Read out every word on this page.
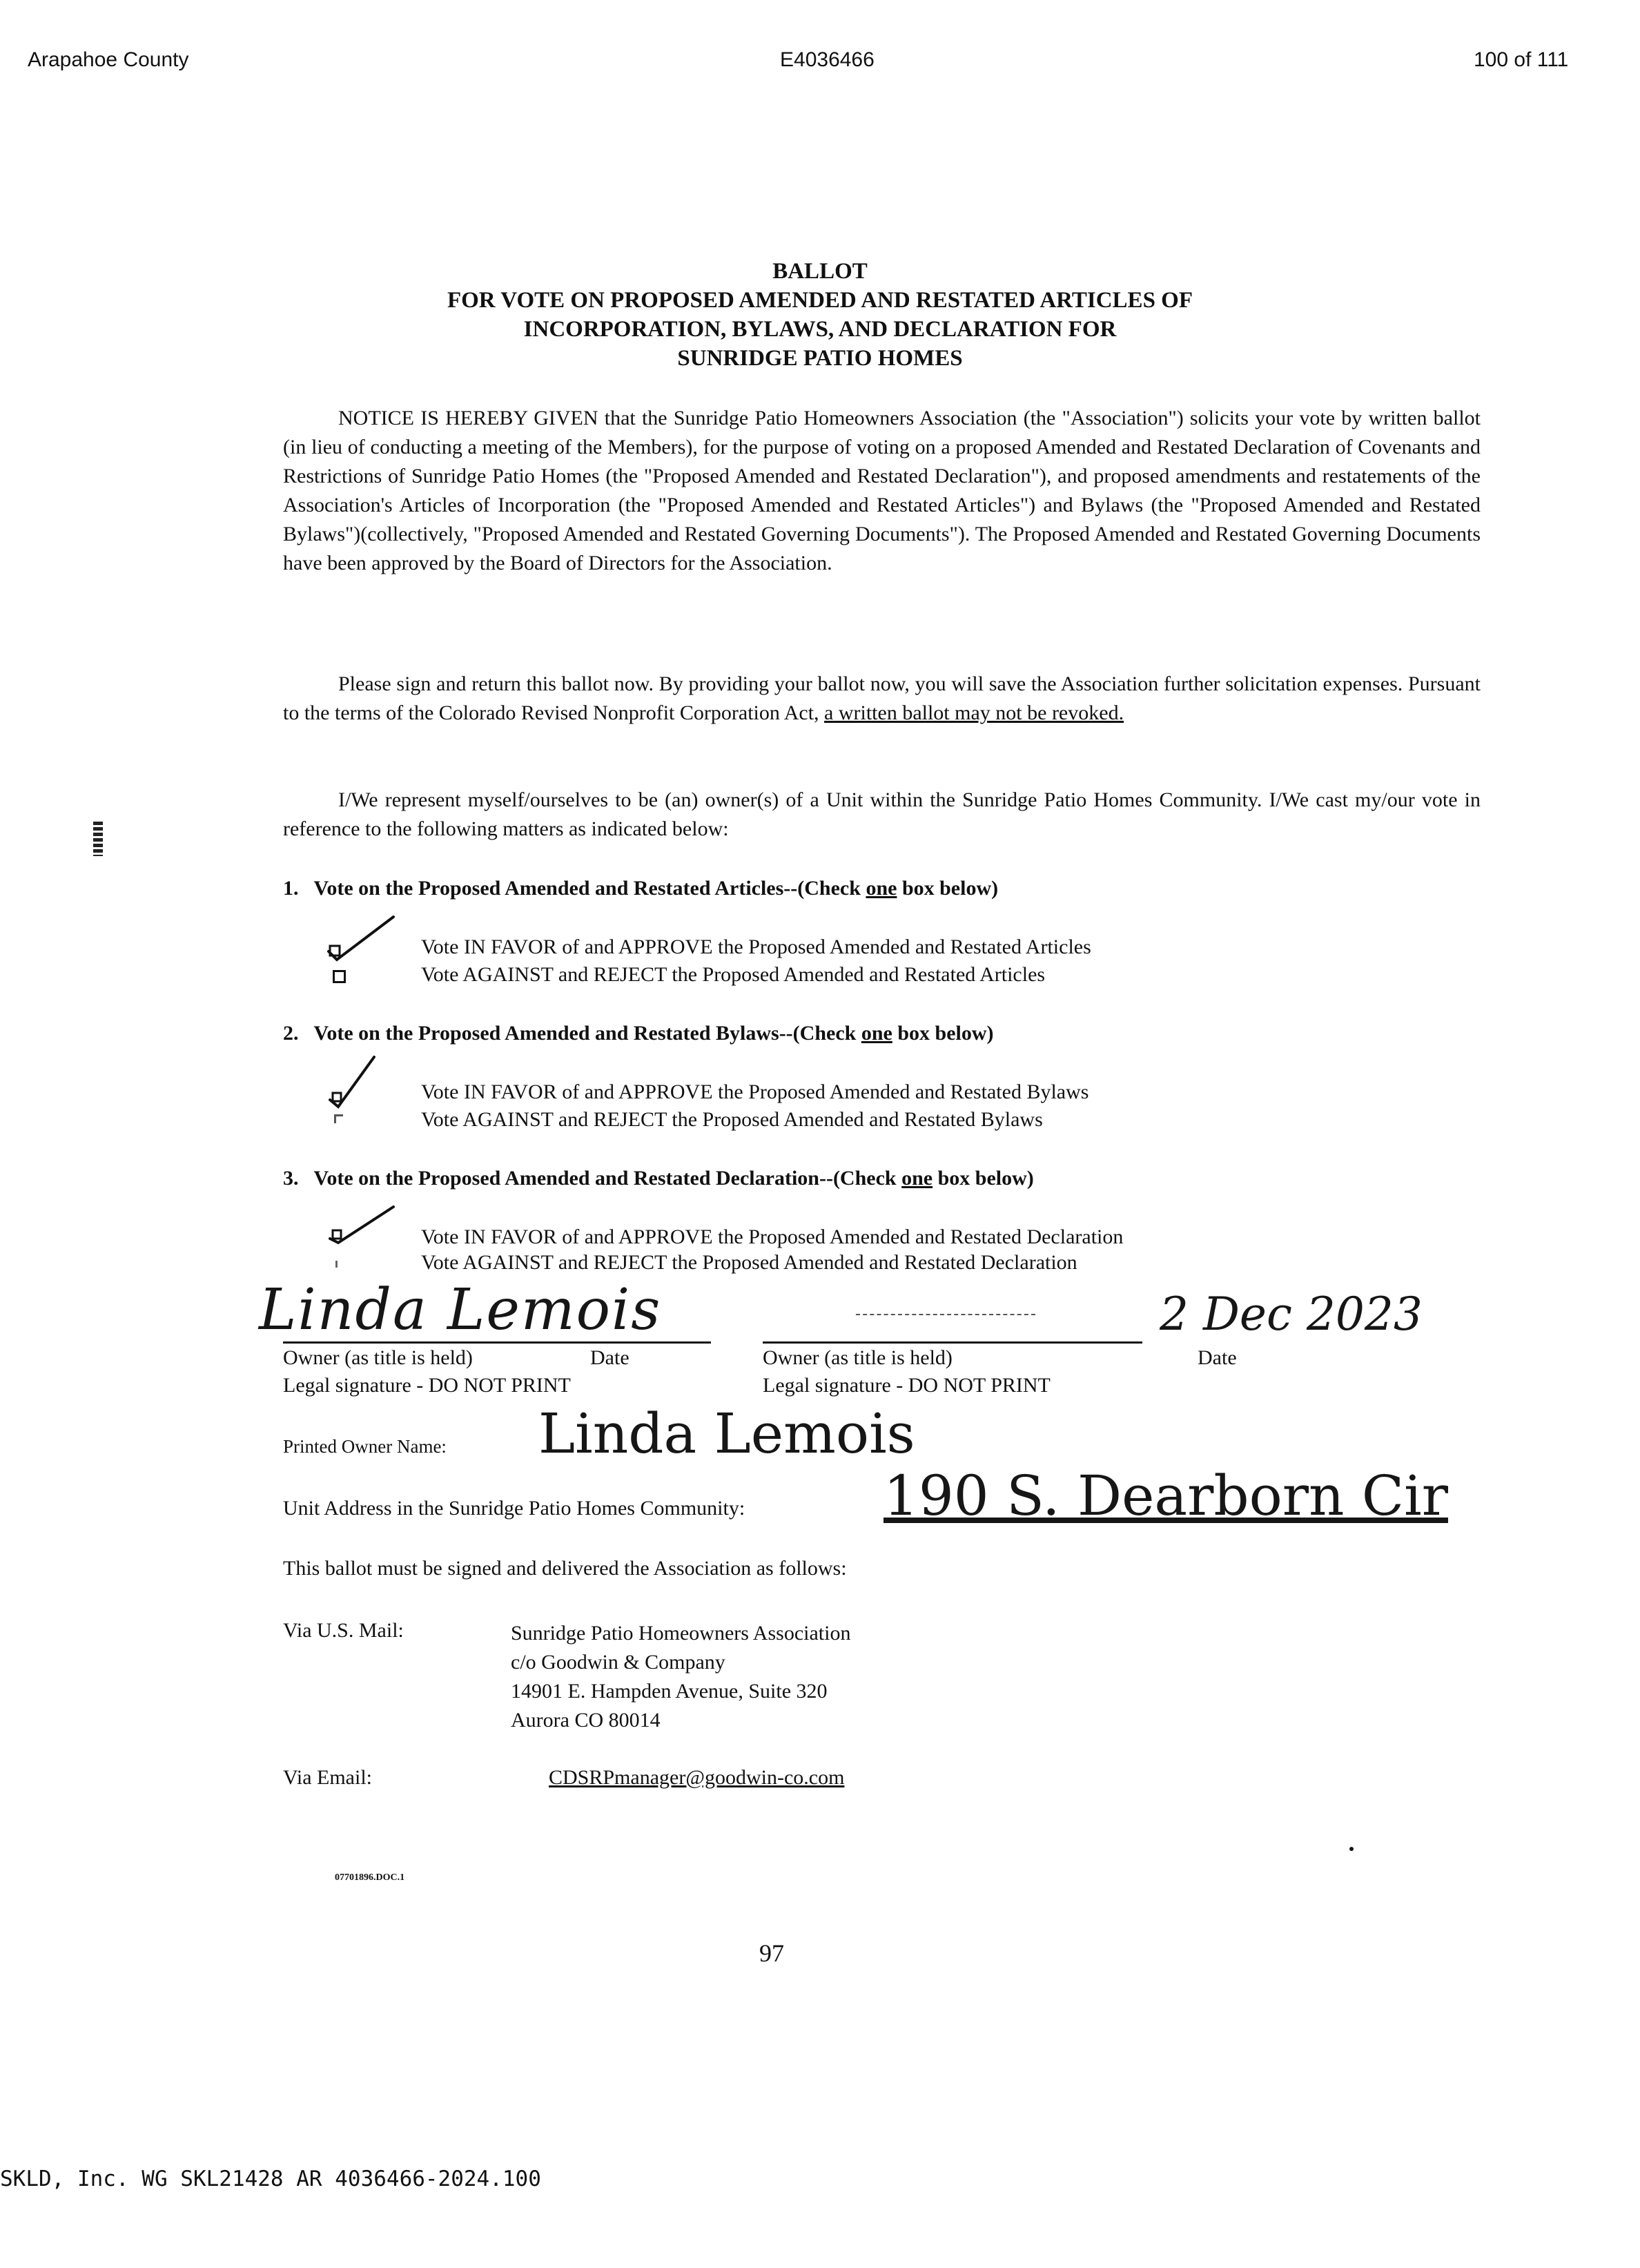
Arapahoe County	E4036466	100 of 111
BALLOT
FOR VOTE ON PROPOSED AMENDED AND RESTATED ARTICLES OF
INCORPORATION, BYLAWS, AND DECLARATION FOR
SUNRIDGE PATIO HOMES
NOTICE IS HEREBY GIVEN that the Sunridge Patio Homeowners Association (the "Association") solicits your vote by written ballot (in lieu of conducting a meeting of the Members), for the purpose of voting on a proposed Amended and Restated Declaration of Covenants and Restrictions of Sunridge Patio Homes (the "Proposed Amended and Restated Declaration"), and proposed amendments and restatements of the Association's Articles of Incorporation (the "Proposed Amended and Restated Articles") and Bylaws (the "Proposed Amended and Restated Bylaws")(collectively, "Proposed Amended and Restated Governing Documents"). The Proposed Amended and Restated Governing Documents have been approved by the Board of Directors for the Association.
Please sign and return this ballot now. By providing your ballot now, you will save the Association further solicitation expenses. Pursuant to the terms of the Colorado Revised Nonprofit Corporation Act, a written ballot may not be revoked.
I/We represent myself/ourselves to be (an) owner(s) of a Unit within the Sunridge Patio Homes Community. I/We cast my/our vote in reference to the following matters as indicated below:
1. Vote on the Proposed Amended and Restated Articles--(Check one box below)
Vote IN FAVOR of and APPROVE the Proposed Amended and Restated Articles
Vote AGAINST and REJECT the Proposed Amended and Restated Articles
2. Vote on the Proposed Amended and Restated Bylaws--(Check one box below)
Vote IN FAVOR of and APPROVE the Proposed Amended and Restated Bylaws
Vote AGAINST and REJECT the Proposed Amended and Restated Bylaws
3. Vote on the Proposed Amended and Restated Declaration--(Check one box below)
Vote IN FAVOR of and APPROVE the Proposed Amended and Restated Declaration
Vote AGAINST and REJECT the Proposed Amended and Restated Declaration
Linda Lemois	2 Dec 2023
Owner (as title is held)	Date
Legal signature - DO NOT PRINT
Owner (as title is held)	Date
Legal signature - DO NOT PRINT
Printed Owner Name: Linda Lemois
Unit Address in the Sunridge Patio Homes Community:	190 S. Dearborn Cir
This ballot must be signed and delivered the Association as follows:
Via U.S. Mail:	Sunridge Patio Homeowners Association
c/o Goodwin & Company
14901 E. Hampden Avenue, Suite 320
Aurora CO 80014
Via Email:	CDSRPmanager@goodwin-co.com
07701896.DOC.1
97
SKLD, Inc. WG SKL21428 AR 4036466-2024.100
